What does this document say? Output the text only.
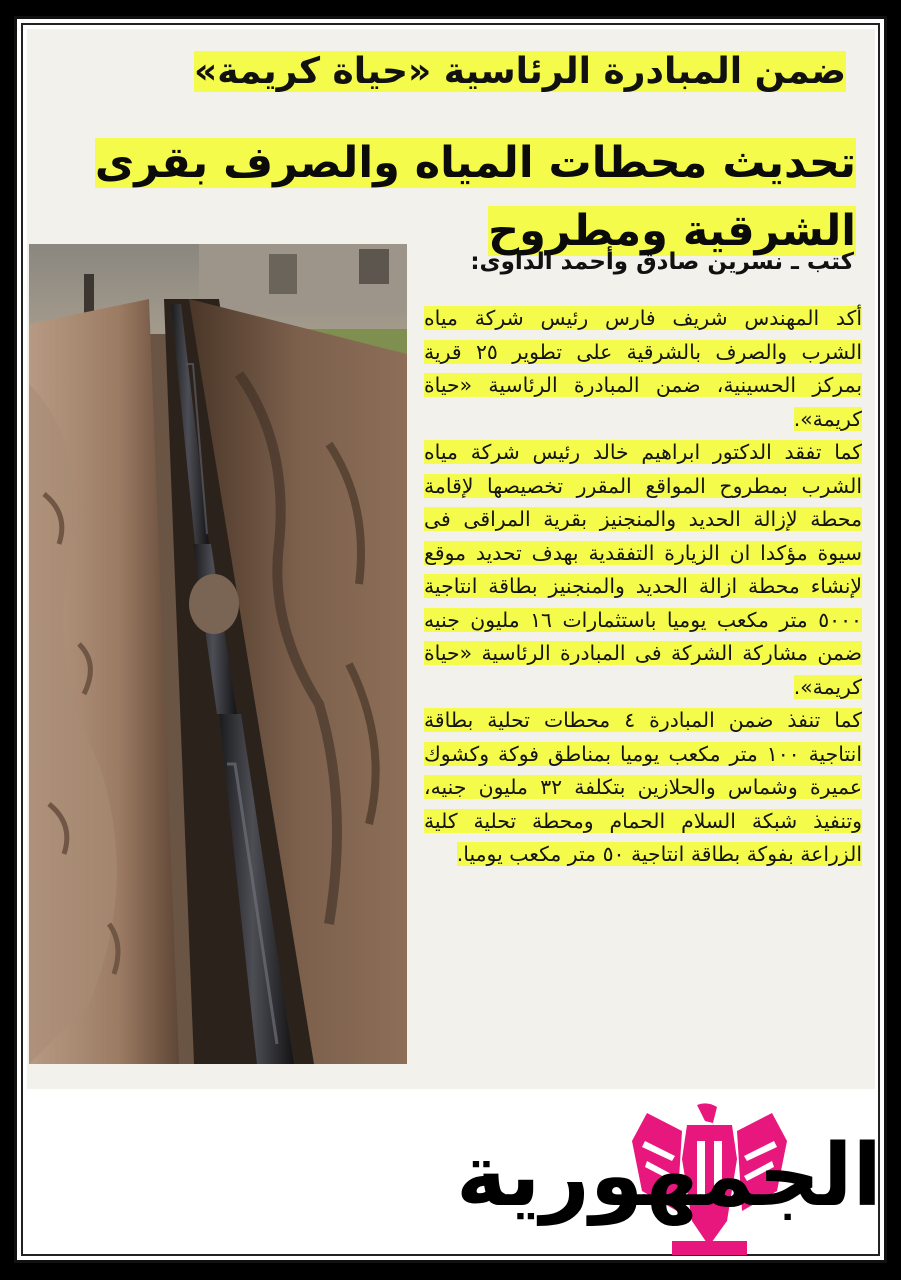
ضمن المبادرة الرئاسية «حياة كريمة»
تحديث محطات المياه والصرف بقرى الشرقية ومطروح
كتب ـ نسرين صادق وأحمد الداوى:

أكد المهندس شريف فارس رئيس شركة مياه الشرب والصرف بالشرقية على تطوير ٢٥ قرية بمركز الحسينية، ضمن المبادرة الرئاسية «حياة كريمة».

كما تفقد الدكتور ابراهيم خالد رئيس شركة مياه الشرب بمطروح المواقع المقرر تخصيصها لإقامة محطة لإزالة الحديد والمنجنيز بقرية المراقى فى سيوة مؤكدا ان الزيارة التفقدية بهدف تحديد موقع لإنشاء محطة ازالة الحديد والمنجنيز بطاقة انتاجية ٥٠٠٠ متر مكعب يوميا باستثمارات ١٦ مليون جنيه ضمن مشاركة الشركة فى المبادرة الرئاسية «حياة كريمة».

كما تنفذ ضمن المبادرة ٤ محطات تحلية بطاقة انتاجية ١٠٠ متر مكعب يوميا بمناطق فوكة وكشوك عميرة وشماس والحلازين بتكلفة ٣٢ مليون جنيه، وتنفيذ شبكة السلام الحمام ومحطة تحلية كلية الزراعة بفوكة بطاقة انتاجية ٥٠ متر مكعب يوميا.

الجمهورية
